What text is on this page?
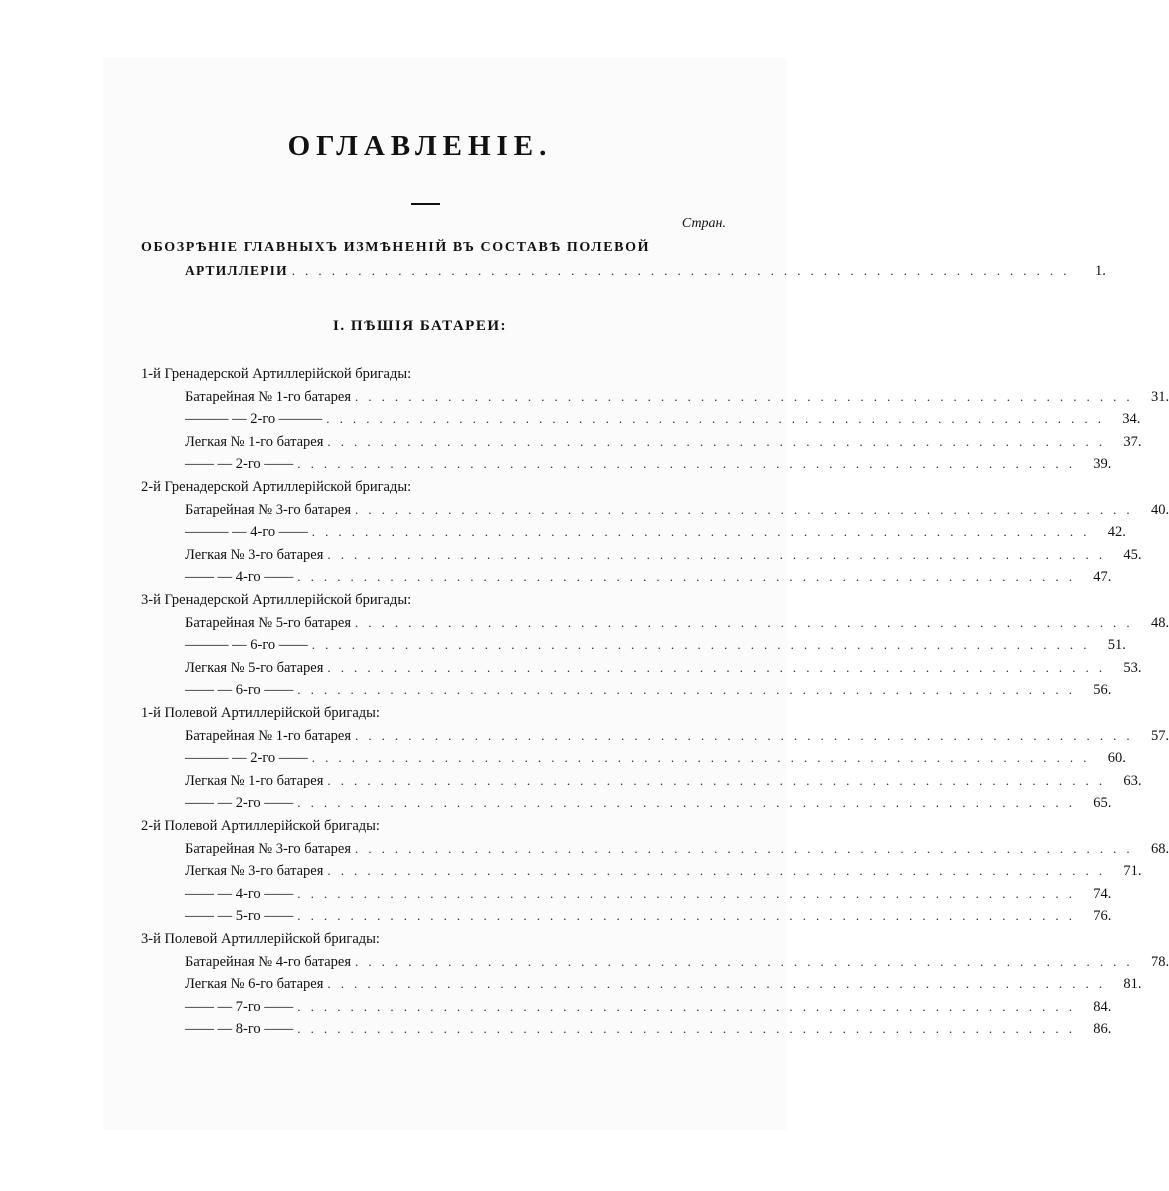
ОГЛАВЛЕНІЕ.
Стран.
ОБОЗРѢНІЕ ГЛАВНЫХЪ ИЗМѢНЕНІЙ ВЪ СОСТАВѢ ПОЛЕВОЙ
АРТИЛЛЕРІИ . . . . . . . . . . . . . . . . . . . . . . . . . . . . . . . . . . . . . . . . . . . . . . . . . . . . . . . . . . .	1.
І. ПѢШІЯ БАТАРЕИ:
1-й Гренадерской Артиллерійской бригады:
Батарейная № 1-го батарея . . . . . . . . . . . . . . . . . . . . . . . . . . . . . . . . . . . . . . . . . . . . . . . . . . . . . . . . . . .	31.
——— — 2-го ——— . . . . . . . . . . . . . . . . . . . . . . . . . . . . . . . . . . . . . . . . . . . . . . . . . . . . . . . . . . .	34.
Легкая № 1-го батарея . . . . . . . . . . . . . . . . . . . . . . . . . . . . . . . . . . . . . . . . . . . . . . . . . . . . . . . . . . .	37.
—— — 2-го —— . . . . . . . . . . . . . . . . . . . . . . . . . . . . . . . . . . . . . . . . . . . . . . . . . . . . . . . . . . .	39.
2-й Гренадерской Артиллерійской бригады:
Батарейная № 3-го батарея . . . . . . . . . . . . . . . . . . . . . . . . . . . . . . . . . . . . . . . . . . . . . . . . . . . . . . . . . . .	40.
——— — 4-го —— . . . . . . . . . . . . . . . . . . . . . . . . . . . . . . . . . . . . . . . . . . . . . . . . . . . . . . . . . . .	42.
Легкая № 3-го батарея . . . . . . . . . . . . . . . . . . . . . . . . . . . . . . . . . . . . . . . . . . . . . . . . . . . . . . . . . . .	45.
—— — 4-го —— . . . . . . . . . . . . . . . . . . . . . . . . . . . . . . . . . . . . . . . . . . . . . . . . . . . . . . . . . . .	47.
3-й Гренадерской Артиллерійской бригады:
Батарейная № 5-го батарея . . . . . . . . . . . . . . . . . . . . . . . . . . . . . . . . . . . . . . . . . . . . . . . . . . . . . . . . . . .	48.
——— — 6-го —— . . . . . . . . . . . . . . . . . . . . . . . . . . . . . . . . . . . . . . . . . . . . . . . . . . . . . . . . . . .	51.
Легкая № 5-го батарея . . . . . . . . . . . . . . . . . . . . . . . . . . . . . . . . . . . . . . . . . . . . . . . . . . . . . . . . . . .	53.
—— — 6-го —— . . . . . . . . . . . . . . . . . . . . . . . . . . . . . . . . . . . . . . . . . . . . . . . . . . . . . . . . . . .	56.
1-й Полевой Артиллерійской бригады:
Батарейная № 1-го батарея . . . . . . . . . . . . . . . . . . . . . . . . . . . . . . . . . . . . . . . . . . . . . . . . . . . . . . . . . . .	57.
——— — 2-го —— . . . . . . . . . . . . . . . . . . . . . . . . . . . . . . . . . . . . . . . . . . . . . . . . . . . . . . . . . . .	60.
Легкая № 1-го батарея . . . . . . . . . . . . . . . . . . . . . . . . . . . . . . . . . . . . . . . . . . . . . . . . . . . . . . . . . . .	63.
—— — 2-го —— . . . . . . . . . . . . . . . . . . . . . . . . . . . . . . . . . . . . . . . . . . . . . . . . . . . . . . . . . . .	65.
2-й Полевой Артиллерійской бригады:
Батарейная № 3-го батарея . . . . . . . . . . . . . . . . . . . . . . . . . . . . . . . . . . . . . . . . . . . . . . . . . . . . . . . . . . .	68.
Легкая № 3-го батарея . . . . . . . . . . . . . . . . . . . . . . . . . . . . . . . . . . . . . . . . . . . . . . . . . . . . . . . . . . .	71.
—— — 4-го —— . . . . . . . . . . . . . . . . . . . . . . . . . . . . . . . . . . . . . . . . . . . . . . . . . . . . . . . . . . .	74.
—— — 5-го —— . . . . . . . . . . . . . . . . . . . . . . . . . . . . . . . . . . . . . . . . . . . . . . . . . . . . . . . . . . .	76.
3-й Полевой Артиллерійской бригады:
Батарейная № 4-го батарея . . . . . . . . . . . . . . . . . . . . . . . . . . . . . . . . . . . . . . . . . . . . . . . . . . . . . . . . . . .	78.
Легкая № 6-го батарея . . . . . . . . . . . . . . . . . . . . . . . . . . . . . . . . . . . . . . . . . . . . . . . . . . . . . . . . . . .	81.
—— — 7-го —— . . . . . . . . . . . . . . . . . . . . . . . . . . . . . . . . . . . . . . . . . . . . . . . . . . . . . . . . . . .	84.
—— — 8-го —— . . . . . . . . . . . . . . . . . . . . . . . . . . . . . . . . . . . . . . . . . . . . . . . . . . . . . . . . . . .	86.
